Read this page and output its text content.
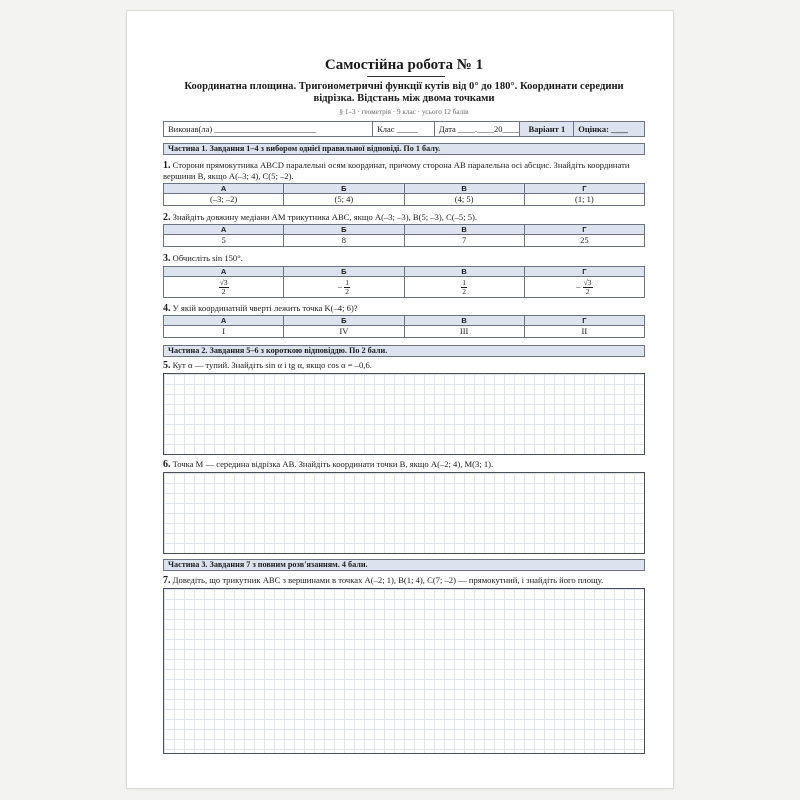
Самостійна робота № 1
Координатна площина. Тригонометричні функції кутів від 0° до 180°. Координати середини відрізка. Відстань між двома точками
§ 1–3 · геометрія · 9 клас · усього 12 балів
Виконав(ла) ________________________	Клас _____	Дата ____.____20____	Варіант 1	Оцінка: ____
Частина 1. Завдання 1–4 з вибором однієї правильної відповіді. По 1 балу.
1. Сторони прямокутника ABCD паралельні осям координат, причому сторона AB паралельна осі абсцис. Знайдіть координати вершини B, якщо A(–3; 4), C(5; –2).
А	Б	В	Г
(–3; –2)	(5; 4)	(4; 5)	(1; 1)
2. Знайдіть довжину медіани AM трикутника ABC, якщо A(–3; –3), B(5; –3), C(–5; 5).
А	Б	В	Г
5	8	7	25
3. Обчисліть sin 150°.
А	Б	В	Г

$\frac{√3}{2}$	– $\frac{1}{2}$	$\frac{1}{2}$	– $\frac{√3}{2}$
4. У якій координатній чверті лежить точка K(–4; 6)?
А	Б	В	Г
I	IV	III	II
Частина 2. Завдання 5–6 з короткою відповіддю. По 2 бали.
5. Кут α — тупий. Знайдіть sin α і tg α, якщо cos α = –0,6.
6. Точка M — середина відрізка AB. Знайдіть координати точки B, якщо A(–2; 4), M(3; 1).
Частина 3. Завдання 7 з повним розв'язанням. 4 бали.
7. Доведіть, що трикутник ABC з вершинами в точках A(–2; 1), B(1; 4), C(7; –2) — прямокутний, і знайдіть його площу.
